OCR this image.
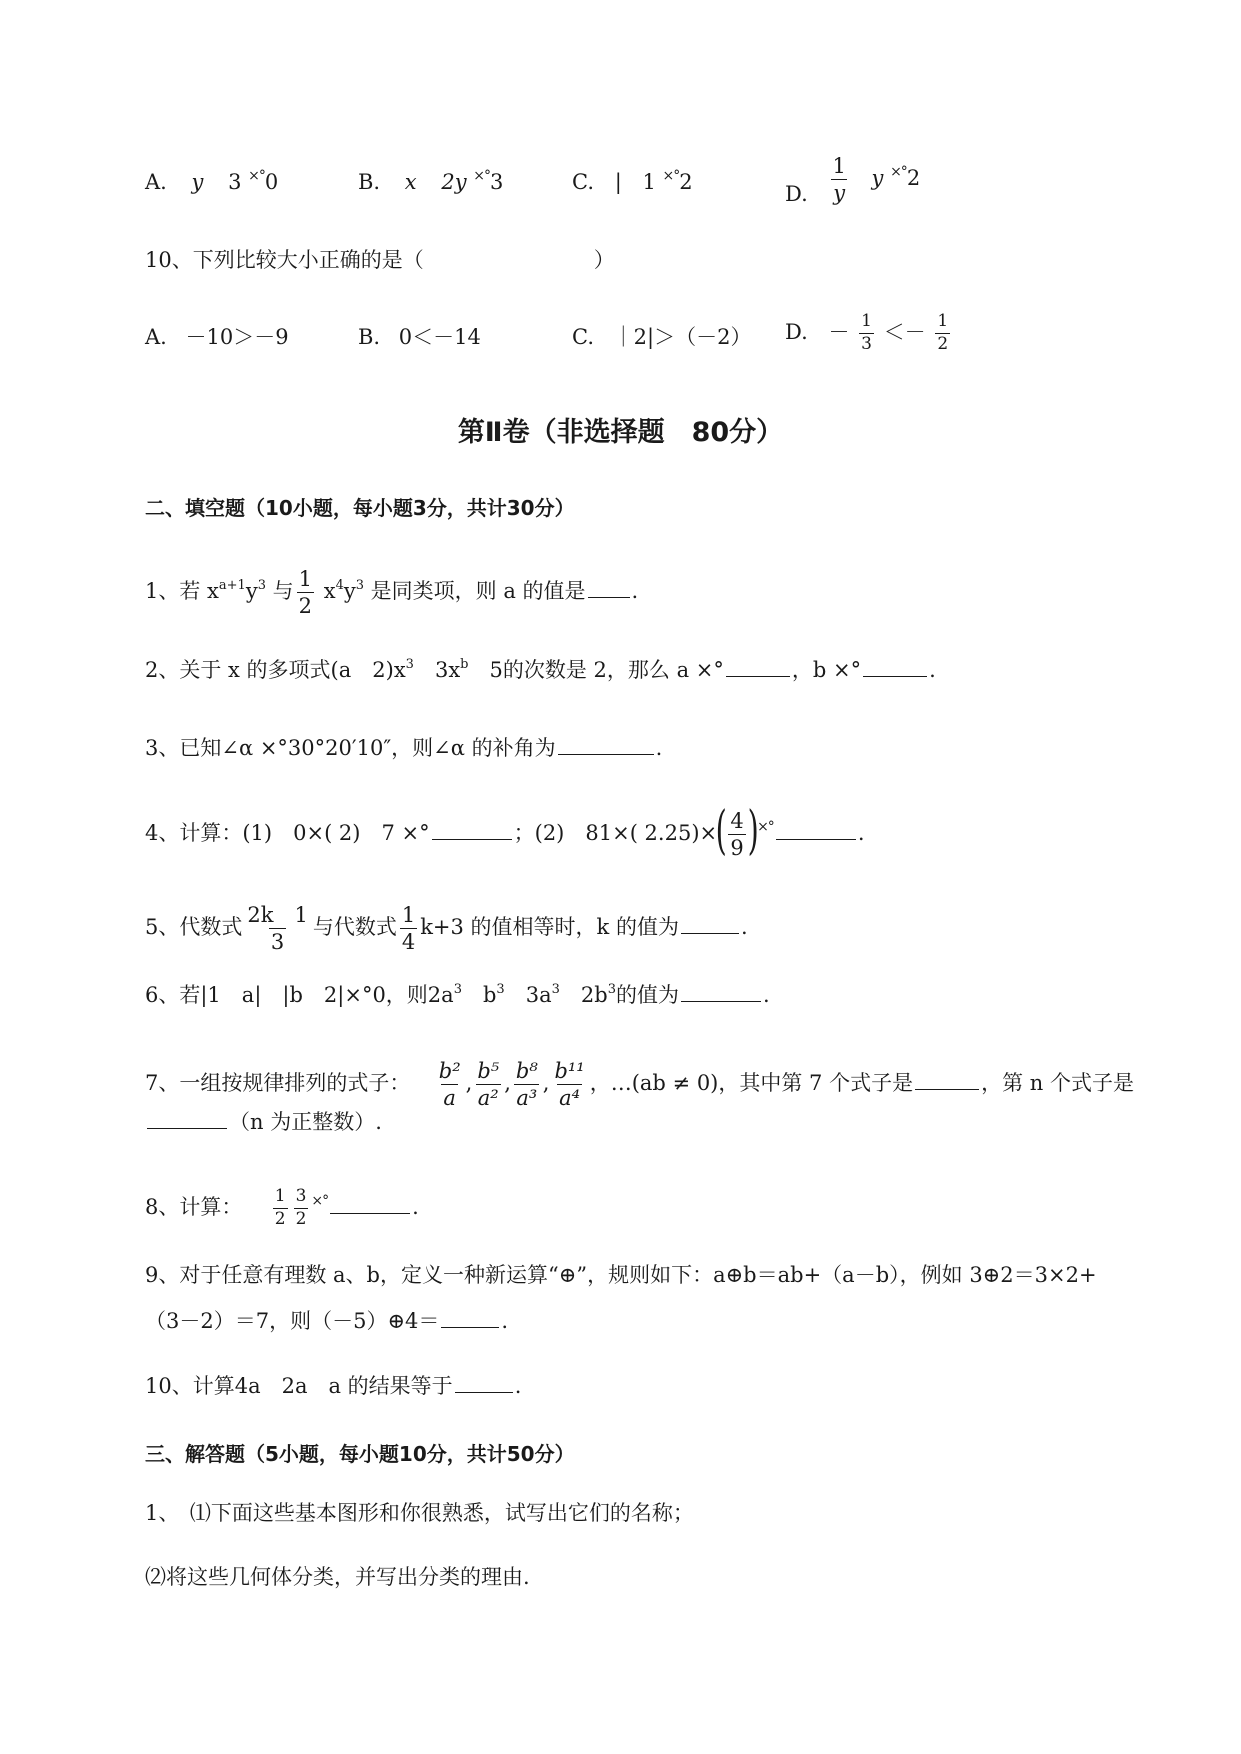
A. y 3 ×°0	B. x 2y ×°3	C. | 1 ×°2
D. $\frac{1}{y}$ y ×°2
10、下列比较大小正确的是（	）
A. －10＞－9	B. 0＜－14	C. ｜2|＞（－2） D. － $\frac{1}{3} <- \frac{1}{2}$
第Ⅱ卷（非选择题　80分）
二、填空题（10小题，每小题3分，共计30分）
1、若 $x^{a+1}y^3$ 与 $\frac{1}{2} x^4y^3$ 是同类项，则 a 的值是 .
2、关于 x 的多项式(a　$2)x^3$　$3x^b$　5的次数是 2，那么 a ×°	，b ×°	.
3、已知∠α ×°30°20′10″，则∠α 的补角为	.
4、计算：(1)　0×( 2)　7 ×°	；(2)　81×( $2.25)\times( \frac{4}{9} )^{\times^\circ}$	.
5、代数式 $\frac{2k 1}{3}$ 与代数式 $\frac{1}{4} k+3$ 的值相等时，k 的值为	.
6、若|1　a|　|b　2|×°0，则$2a^3$　$b^3$　$3a^3$　$2b^3$的值为	.
7、一组按规律排列的式子： $\frac{\text{b²}}{a}$ , $\frac{\text{b⁵}}{\text{a²}}$ , $\frac{\text{b⁸}}{\text{a³}}$ , $\frac{\text{b¹¹}}{\text{a⁴}}$ ，…(ab ≠ 0)，其中第 7 个式子是	，第 n 个式子是
（n 为正整数）.
8、计算： $\frac{1}{2} \frac{3}{2} ^{\times^\circ}$	.
9、对于任意有理数 a、b，定义一种新运算“⊕”，规则如下：a⊕b＝ab+（a－b），例如 3⊕2＝3×2+
（3－2）＝7，则（－5）⊕4＝	.
10、计算4a　2a　a 的结果等于	.
三、解答题（5小题，每小题10分，共计50分）
1、　⑴下面这些基本图形和你很熟悉，试写出它们的名称；
⑵将这些几何体分类，并写出分类的理由.
